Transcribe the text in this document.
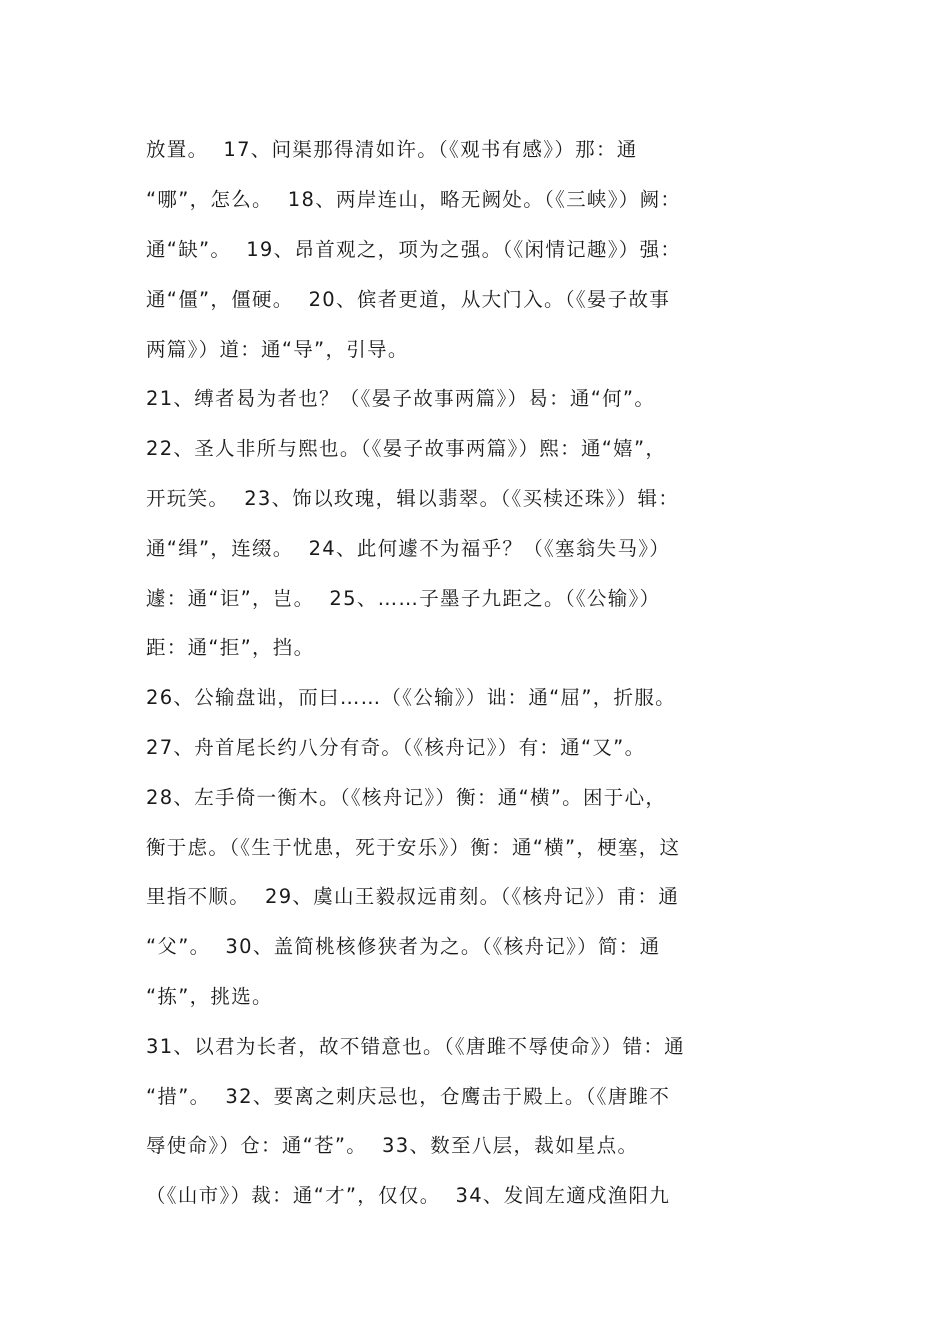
放置。  17、问渠那得清如许。（《观书有感》）那：通
“哪”，怎么。  18、两岸连山，略无阙处。（《三峡》）阙：
通“缺”。  19、昂首观之，项为之强。（《闲情记趣》）强：
通“僵”，僵硬。  20、傧者更道，从大门入。（《晏子故事
两篇》）道：通“导”，引导。
21、缚者曷为者也？（《晏子故事两篇》）曷：通“何”。
22、圣人非所与熙也。（《晏子故事两篇》）熙：通“嬉”，
开玩笑。  23、饰以玫瑰，辑以翡翠。（《买椟还珠》）辑：
通“缉”，连缀。  24、此何遽不为福乎？（《塞翁失马》）
遽：通“讵”，岂。  25、……子墨子九距之。（《公输》）
距：通“拒”，挡。
26、公输盘诎，而曰……（《公输》）诎：通“屈”，折服。
27、舟首尾长约八分有奇。（《核舟记》）有：通“又”。
28、左手倚一衡木。（《核舟记》）衡：通“横”。困于心，
衡于虑。（《生于忧患，死于安乐》）衡：通“横”，梗塞，这
里指不顺。  29、虞山王毅叔远甫刻。（《核舟记》）甫：通
“父”。  30、盖简桃核修狭者为之。（《核舟记》）简：通
“拣”，挑选。
31、以君为长者，故不错意也。（《唐雎不辱使命》）错：通
“措”。  32、要离之刺庆忌也，仓鹰击于殿上。（《唐雎不
辱使命》）仓：通“苍”。  33、数至八层，裁如星点。
（《山市》）裁：通“才”，仅仅。  34、发闾左適戍渔阳九
